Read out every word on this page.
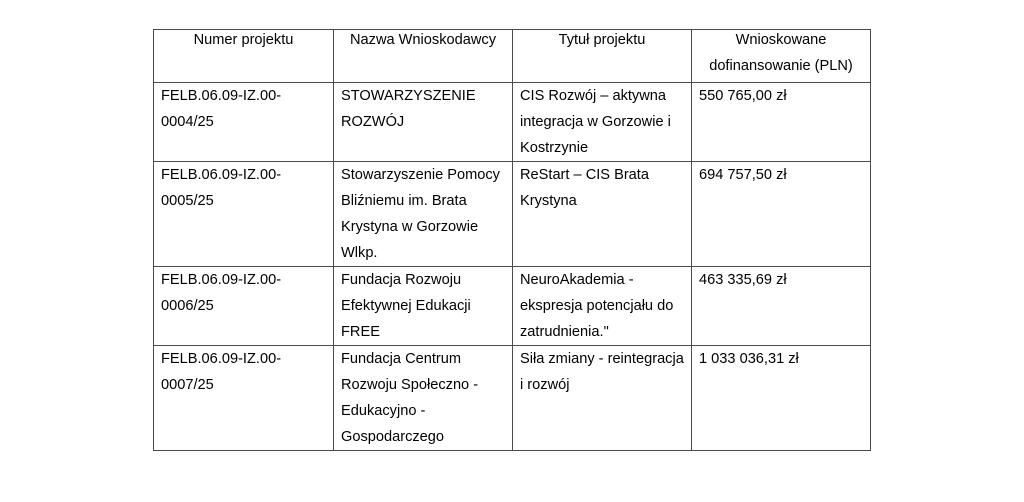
Numer projektu	Nazwa Wnioskodawcy	Tytuł projektu	Wnioskowane dofinansowanie (PLN)

FELB.06.09-IZ.00-0004/25	STOWARZYSZENIE ROZWÓJ	CIS Rozwój – aktywna integracja w Gorzowie i Kostrzynie	550 765,00 zł

FELB.06.09-IZ.00-0005/25	Stowarzyszenie Pomocy Bliźniemu im. Brata Krystyna w Gorzowie Wlkp.	ReStart – CIS Brata Krystyna	694 757,50 zł

FELB.06.09-IZ.00-0006/25	Fundacja Rozwoju Efektywnej Edukacji FREE	NeuroAkademia - ekspresja potencjału do zatrudnienia."	463 335,69 zł

FELB.06.09-IZ.00-0007/25	Fundacja Centrum Rozwoju Społeczno - Edukacyjno - Gospodarczego	Siła zmiany - reintegracja i rozwój	1 033 036,31 zł
